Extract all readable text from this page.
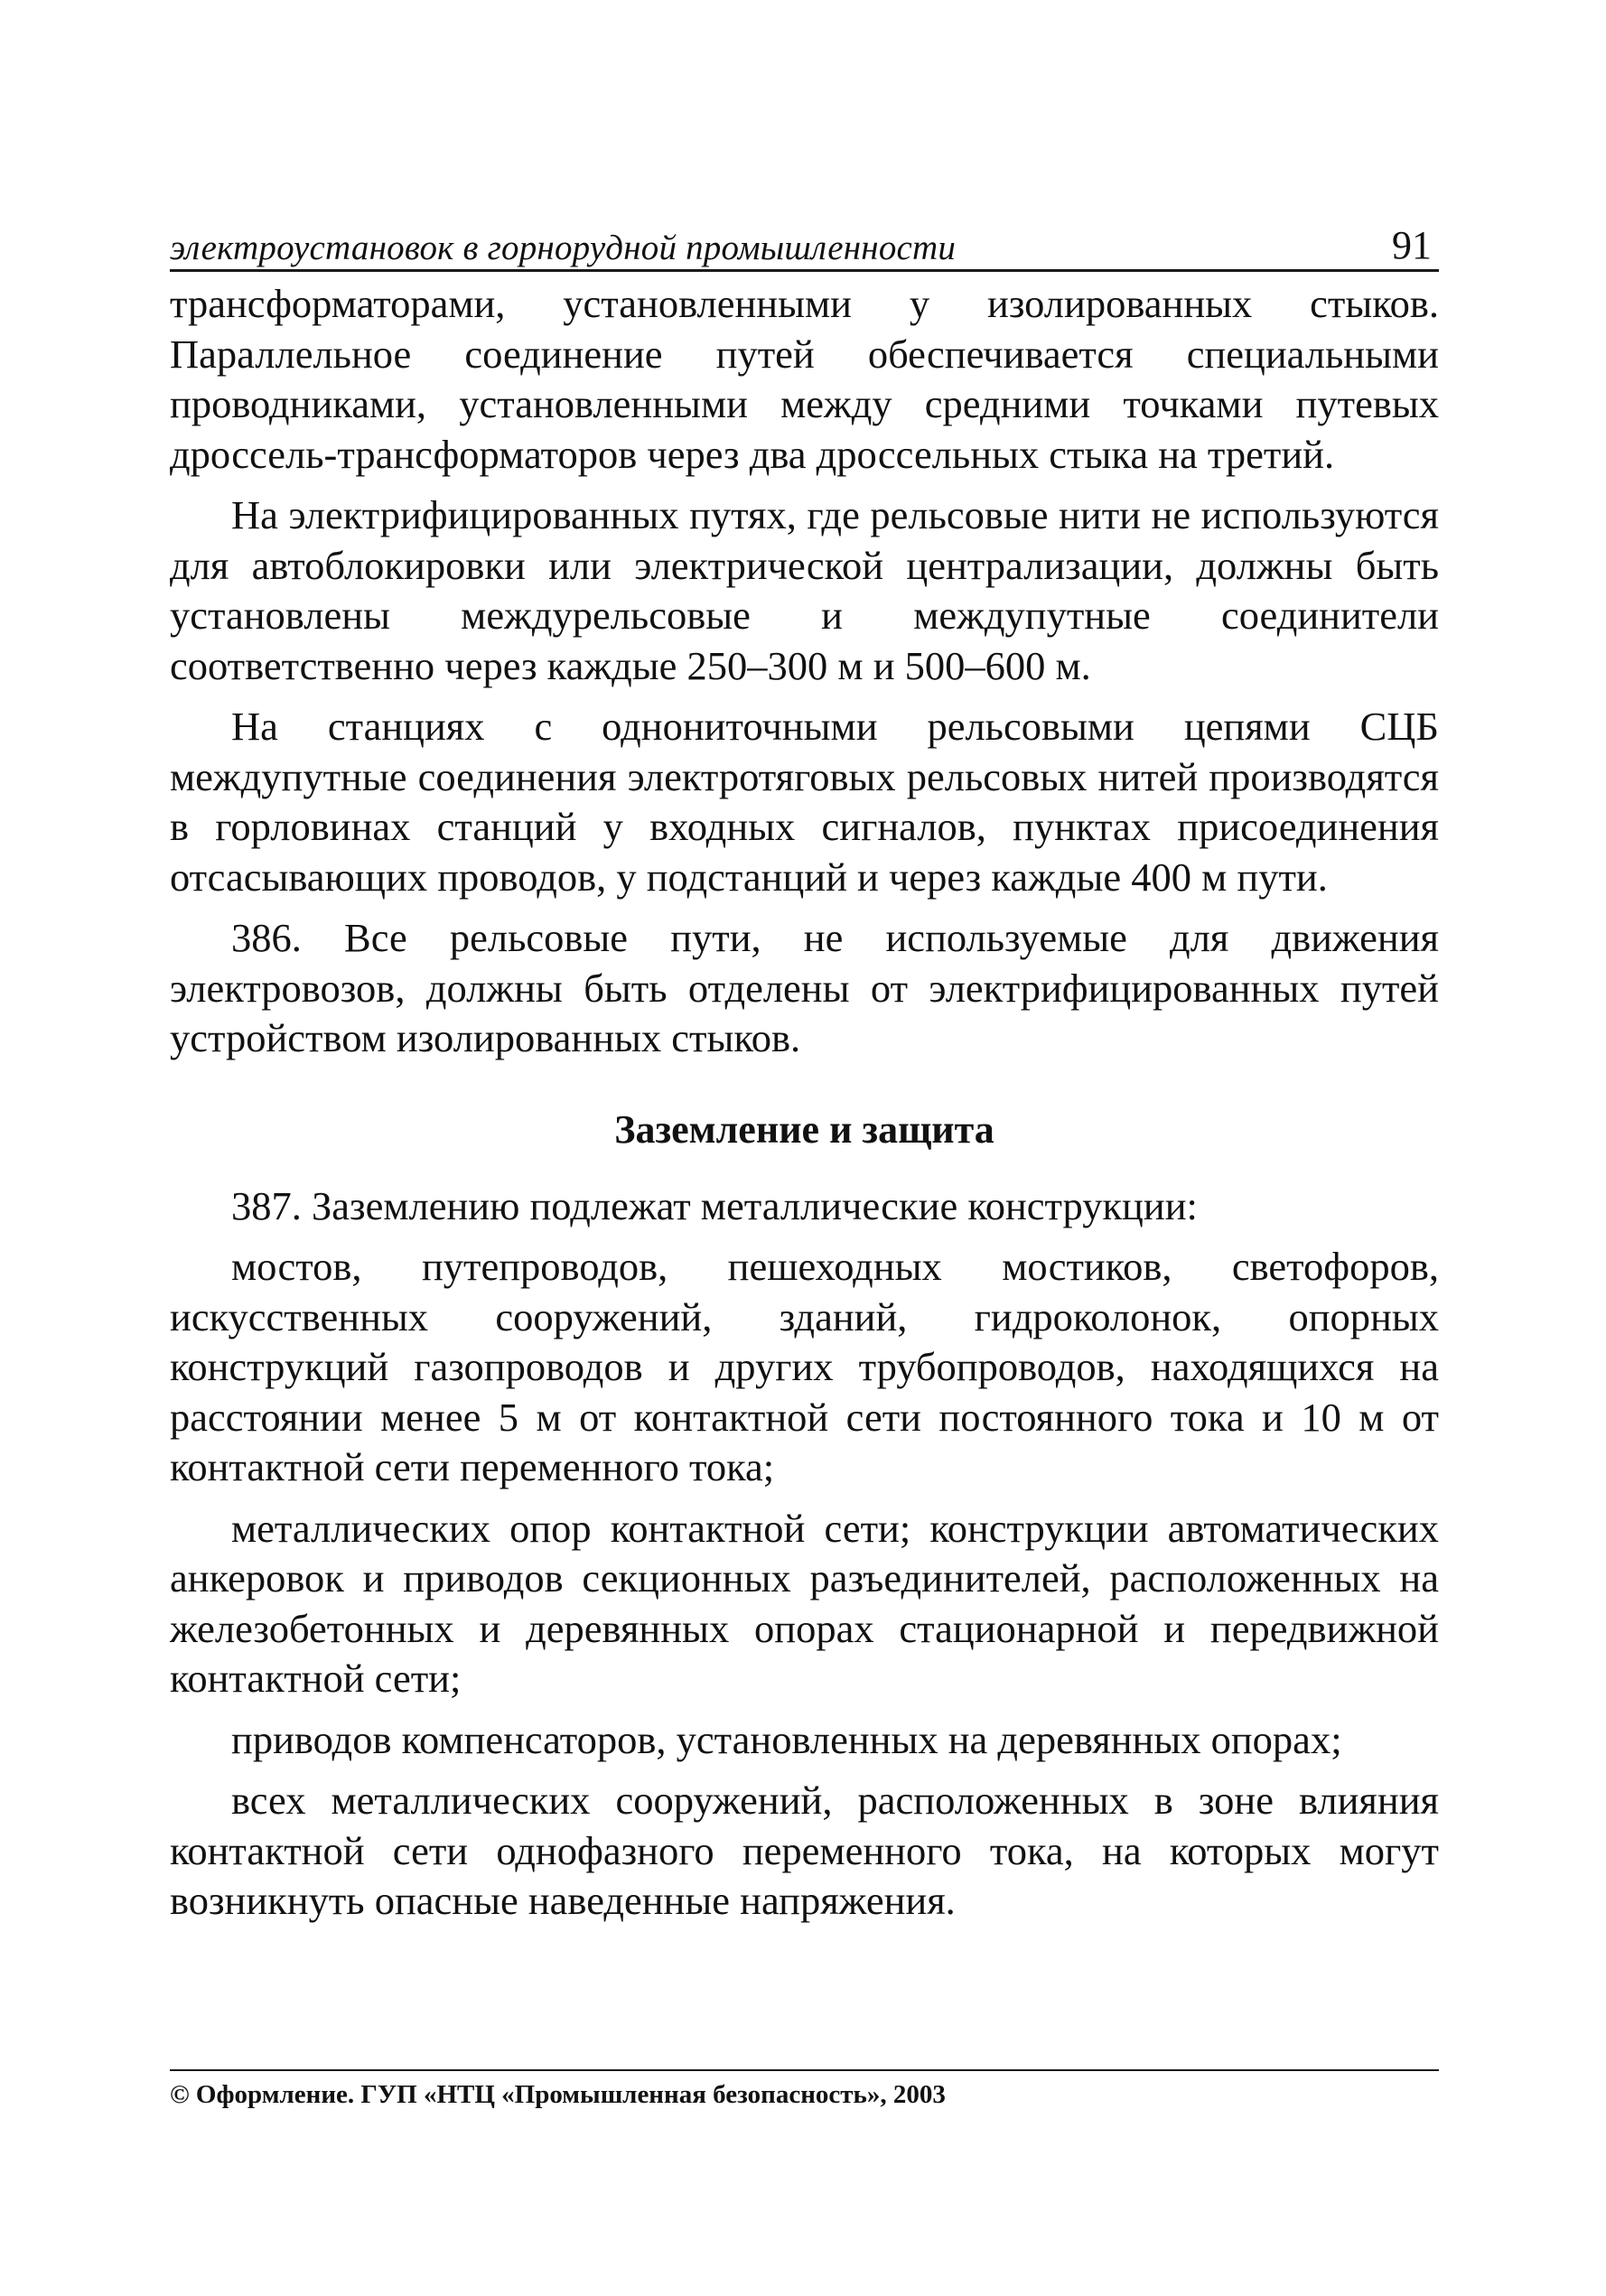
электроустановок в горнорудной промышленности	91

трансформаторами, установленными у изолированных стыков. Параллельное соединение путей обеспечивается специальными проводниками, установленными между средними точками путевых дроссель-трансформаторов через два дроссельных стыка на третий.

На электрифицированных путях, где рельсовые нити не используются для автоблокировки или электрической централизации, должны быть установлены междурельсовые и междупутные соединители соответственно через каждые 250–300 м и 500–600 м.

На станциях с однониточными рельсовыми цепями СЦБ междупутные соединения электротяговых рельсовых нитей производятся в горловинах станций у входных сигналов, пунктах присоединения отсасывающих проводов, у подстанций и через каждые 400 м пути.

386. Все рельсовые пути, не используемые для движения электровозов, должны быть отделены от электрифицированных путей устройством изолированных стыков.

Заземление и защита

387. Заземлению подлежат металлические конструкции:

мостов, путепроводов, пешеходных мостиков, светофоров, искусственных сооружений, зданий, гидроколонок, опорных конструкций газопроводов и других трубопроводов, находящихся на расстоянии менее 5 м от контактной сети постоянного тока и 10 м от контактной сети переменного тока;

металлических опор контактной сети; конструкции автоматических анкеровок и приводов секционных разъединителей, расположенных на железобетонных и деревянных опорах стационарной и передвижной контактной сети;

приводов компенсаторов, установленных на деревянных опорах;

всех металлических сооружений, расположенных в зоне влияния контактной сети однофазного переменного тока, на которых могут возникнуть опасные наведенные напряжения.

© Оформление. ГУП «НТЦ «Промышленная безопасность», 2003
